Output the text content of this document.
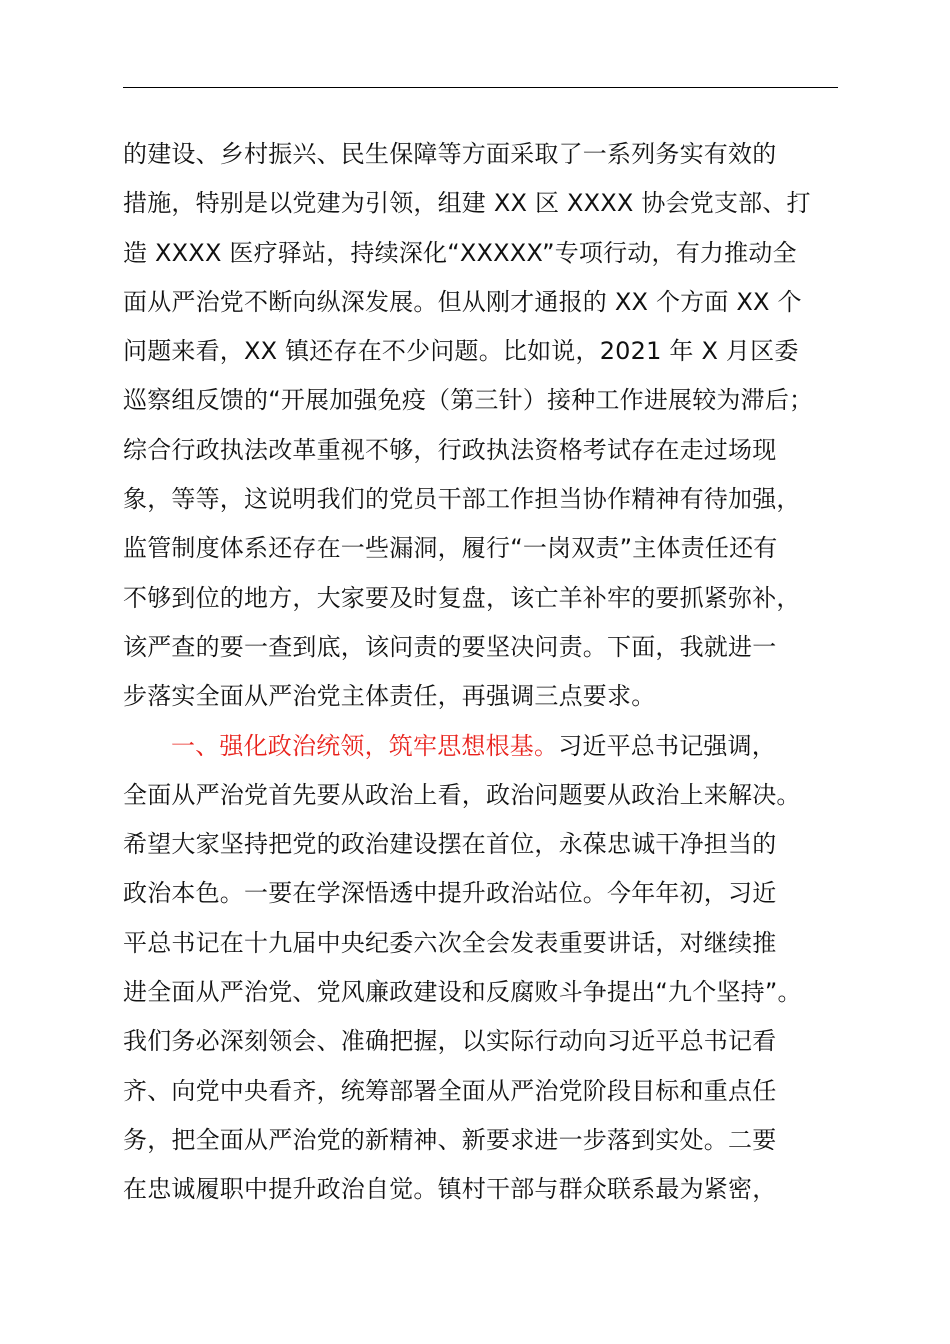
的建设、乡村振兴、民生保障等方面采取了一系列务实有效的
措施，特别是以党建为引领，组建 XX 区 XXXX 协会党支部、打
造 XXXX 医疗驿站，持续深化“XXXXX”专项行动，有力推动全
面从严治党不断向纵深发展。但从刚才通报的 XX 个方面 XX 个
问题来看，XX 镇还存在不少问题。比如说，2021 年 X 月区委
巡察组反馈的“开展加强免疫（第三针）接种工作进展较为滞后；
综合行政执法改革重视不够，行政执法资格考试存在走过场现
象，等等，这说明我们的党员干部工作担当协作精神有待加强，
监管制度体系还存在一些漏洞，履行“一岗双责”主体责任还有
不够到位的地方，大家要及时复盘，该亡羊补牢的要抓紧弥补，
该严查的要一查到底，该问责的要坚决问责。下面，我就进一
步落实全面从严治党主体责任，再强调三点要求。
一、强化政治统领，筑牢思想根基。习近平总书记强调，
全面从严治党首先要从政治上看，政治问题要从政治上来解决。
希望大家坚持把党的政治建设摆在首位，永葆忠诚干净担当的
政治本色。一要在学深悟透中提升政治站位。今年年初，习近
平总书记在十九届中央纪委六次全会发表重要讲话，对继续推
进全面从严治党、党风廉政建设和反腐败斗争提出“九个坚持”。
我们务必深刻领会、准确把握，以实际行动向习近平总书记看
齐、向党中央看齐，统筹部署全面从严治党阶段目标和重点任
务，把全面从严治党的新精神、新要求进一步落到实处。二要
在忠诚履职中提升政治自觉。镇村干部与群众联系最为紧密，
